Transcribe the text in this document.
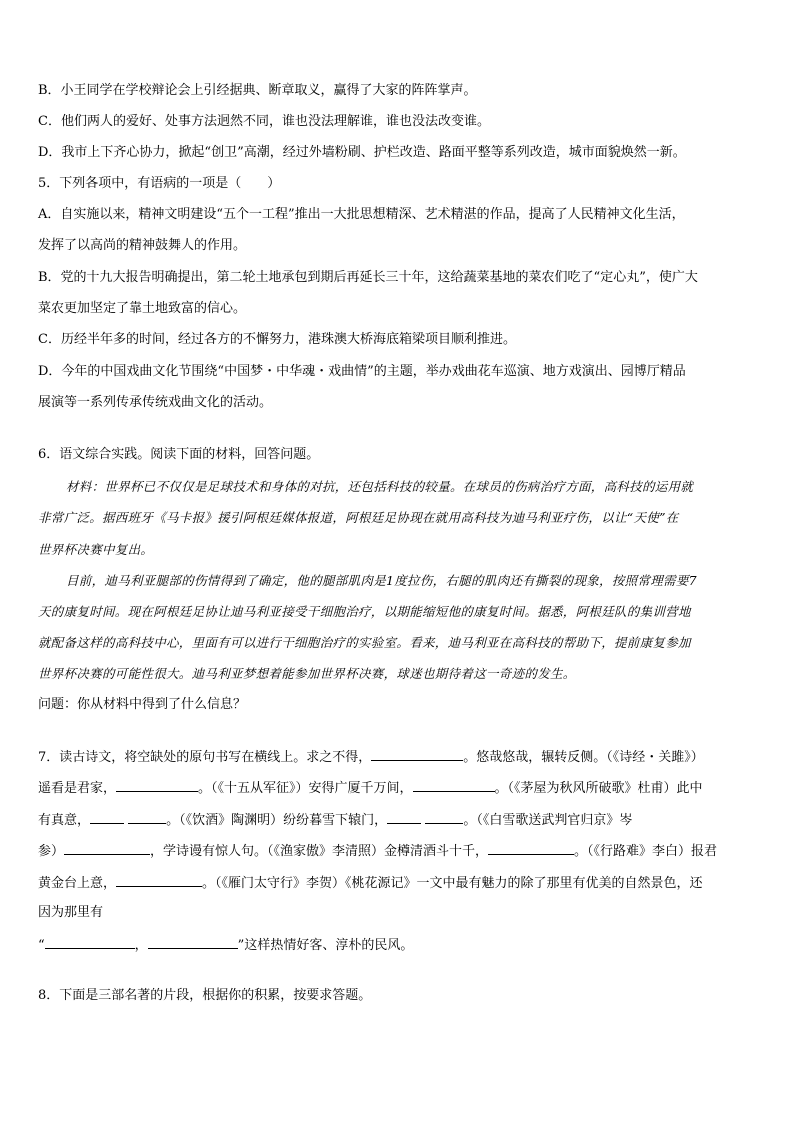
B．小王同学在学校辩论会上引经据典、断章取义，赢得了大家的阵阵掌声。
C．他们两人的爱好、处事方法迥然不同，谁也没法理解谁，谁也没法改变谁。
D．我市上下齐心协力，掀起“创卫”高潮，经过外墙粉刷、护栏改造、路面平整等系列改造，城市面貌焕然一新。
5．下列各项中，有语病的一项是（　　）
A．自实施以来，精神文明建设“五个一工程”推出一大批思想精深、艺术精湛的作品，提高了人民精神文化生活，
发挥了以高尚的精神鼓舞人的作用。
B．党的十九大报告明确提出，第二轮土地承包到期后再延长三十年，这给蔬菜基地的菜农们吃了“定心丸”，使广大
菜农更加坚定了靠土地致富的信心。
C．历经半年多的时间，经过各方的不懈努力，港珠澳大桥海底箱梁项目顺利推进。
D．今年的中国戏曲文化节围绕“中国梦・中华魂・戏曲情”的主题，举办戏曲花车巡演、地方戏演出、园博厅精品
展演等一系列传承传统戏曲文化的活动。
6．语文综合实践。阅读下面的材料，回答问题。
材料：世界杯已不仅仅是足球技术和身体的对抗，还包括科技的较量。在球员的伤病治疗方面，高科技的运用就
非常广泛。据西班牙《马卡报》援引阿根廷媒体报道，阿根廷足协现在就用高科技为迪马利亚疗伤，以让“天使”在
世界杯决赛中复出。
目前，迪马利亚腿部的伤情得到了确定，他的腿部肌肉是1度拉伤，右腿的肌肉还有撕裂的现象，按照常理需要7
天的康复时间。现在阿根廷足协让迪马利亚接受干细胞治疗，以期能缩短他的康复时间。据悉，阿根廷队的集训营地
就配备这样的高科技中心，里面有可以进行干细胞治疗的实验室。看来，迪马利亚在高科技的帮助下，提前康复参加
世界杯决赛的可能性很大。迪马利亚梦想着能参加世界杯决赛，球迷也期待着这一奇迹的发生。
问题：你从材料中得到了什么信息？
7．读古诗文，将空缺处的原句书写在横线上。求之不得，	。悠哉悠哉，辗转反侧。（《诗经・关雎》）
遥看是君家，	。（《十五从军征》）安得广厦千万间，	。（《茅屋为秋风所破歌》杜甫）此中
有真意，	。（《饮酒》陶渊明）纷纷暮雪下辕门，	。（《白雪歌送武判官归京》岑
参）	，学诗谩有惊人句。（《渔家傲》李清照）金樽清酒斗十千，	。（《行路难》李白）报君
黄金台上意，	。（《雁门太守行》李贺）《桃花源记》一文中最有魅力的除了那里有优美的自然景色，还
因为那里有
“	，	”这样热情好客、淳朴的民风。
8．下面是三部名著的片段，根据你的积累，按要求答题。
